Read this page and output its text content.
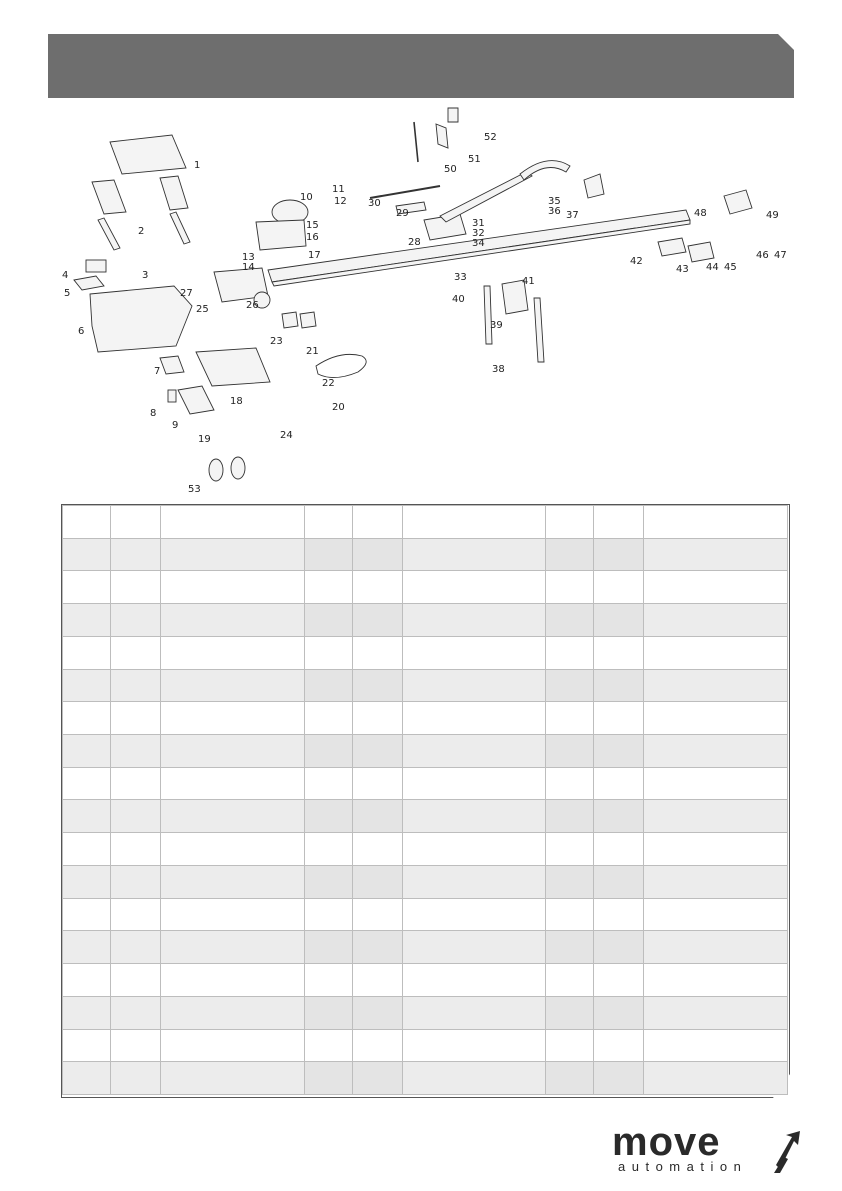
1
2
3
4
5
6
7
8
9
10
11
12
13
14
15
16
17
18
19
20
21
22
23
24
25	26
27
28
29
30
31
32
33
34
35
36 37
38
39
40
41
42
43 44 45
46 47
48	49
50
51
52
53

move
automation
